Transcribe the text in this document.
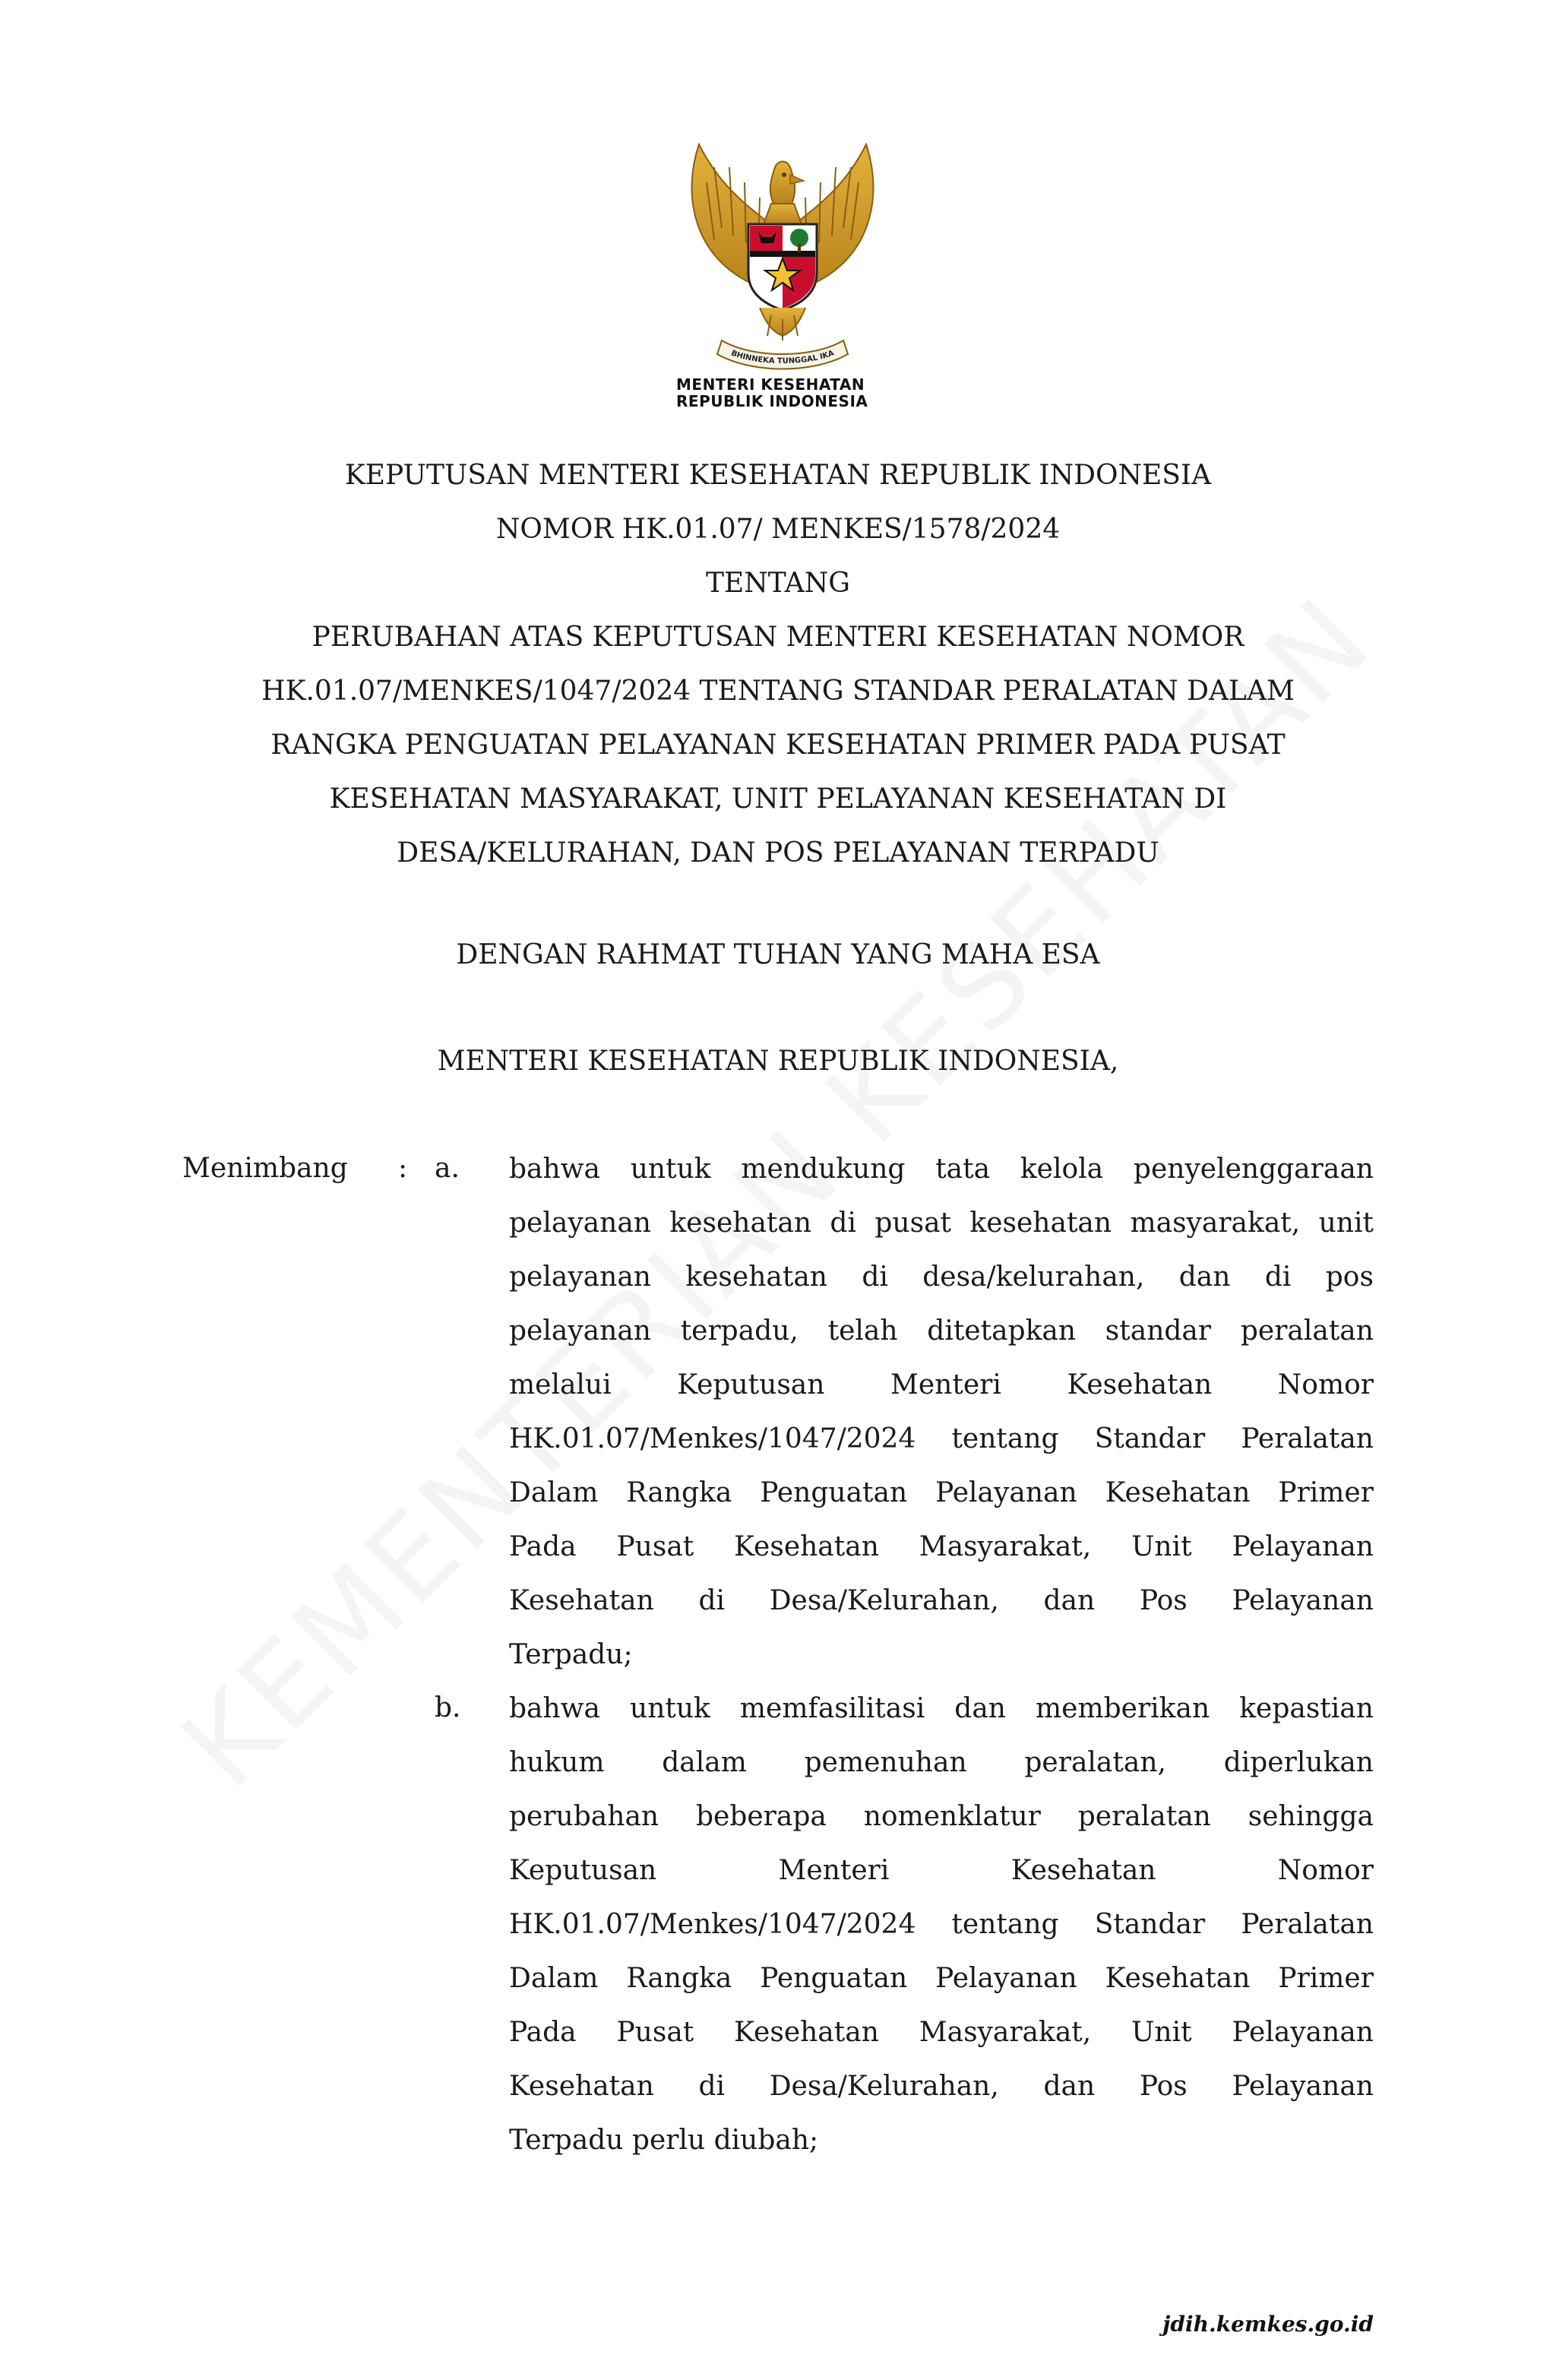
BHINNEKA TUNGGAL IKA
MENTERI KESEHATAN
REPUBLIK INDONESIA
KEPUTUSAN MENTERI KESEHATAN REPUBLIK INDONESIA
NOMOR HK.01.07/ MENKES/1578/2024
TENTANG
PERUBAHAN ATAS KEPUTUSAN MENTERI KESEHATAN NOMOR
HK.01.07/MENKES/1047/2024 TENTANG STANDAR PERALATAN DALAM
RANGKA PENGUATAN PELAYANAN KESEHATAN PRIMER PADA PUSAT
KESEHATAN MASYARAKAT, UNIT PELAYANAN KESEHATAN DI
DESA/KELURAHAN, DAN POS PELAYANAN TERPADU
DENGAN RAHMAT TUHAN YANG MAHA ESA
MENTERI KESEHATAN REPUBLIK INDONESIA,
Menimbang : a. bahwa untuk mendukung tata kelola penyelenggaraan
pelayanan kesehatan di pusat kesehatan masyarakat, unit
pelayanan kesehatan di desa/kelurahan, dan di pos
pelayanan terpadu, telah ditetapkan standar peralatan
melalui Keputusan Menteri Kesehatan Nomor
HK.01.07/Menkes/1047/2024 tentang Standar Peralatan
Dalam Rangka Penguatan Pelayanan Kesehatan Primer
Pada Pusat Kesehatan Masyarakat, Unit Pelayanan
Kesehatan di Desa/Kelurahan, dan Pos Pelayanan
Terpadu;
b. bahwa untuk memfasilitasi dan memberikan kepastian
hukum dalam pemenuhan peralatan, diperlukan
perubahan beberapa nomenklatur peralatan sehingga
Keputusan	Menteri	Kesehatan	Nomor
HK.01.07/Menkes/1047/2024 tentang Standar Peralatan
Dalam Rangka Penguatan Pelayanan Kesehatan Primer
Pada Pusat Kesehatan Masyarakat, Unit Pelayanan
Kesehatan di Desa/Kelurahan, dan Pos Pelayanan
Terpadu perlu diubah;
jdih.kemkes.go.id
